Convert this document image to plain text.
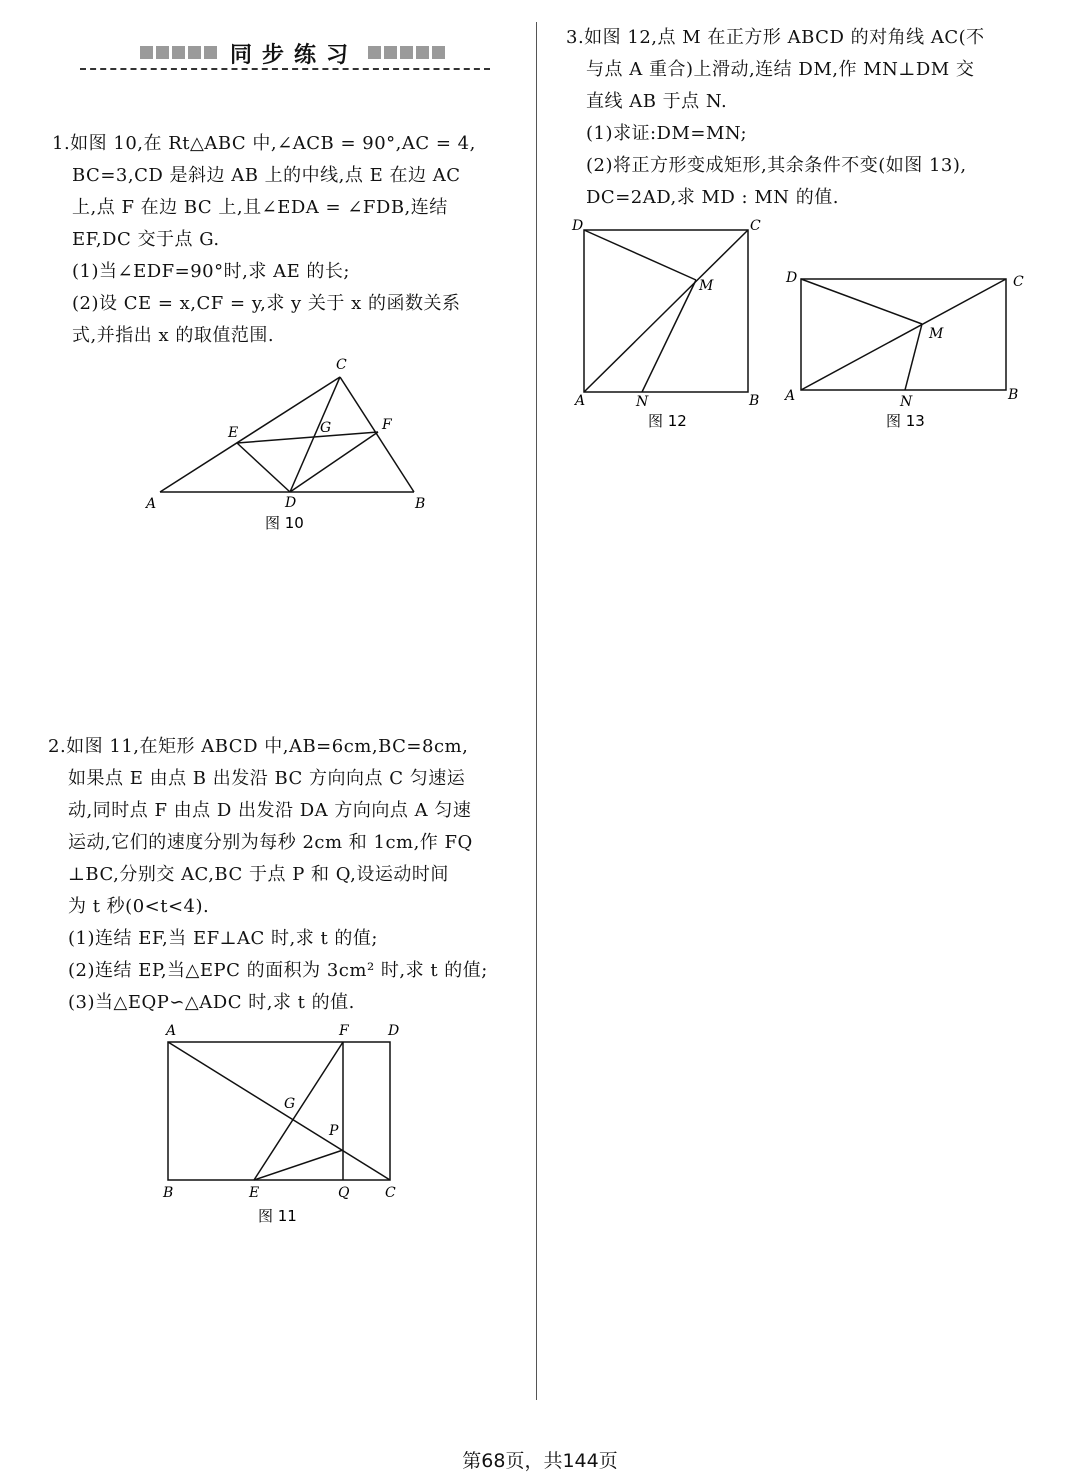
同步练习

1.如图 10,在 Rt△ABC 中,∠ACB = 90°,AC = 4,

BC=3,CD 是斜边 AB 上的中线,点 E 在边 AC

上,点 F 在边 BC 上,且∠EDA = ∠FDB,连结

EF,DC 交于点 G.

(1)当∠EDF=90°时,求 AE 的长;

(2)设 CE = x,CF = y,求 y 关于 x 的函数关系

式,并指出 x 的取值范围.

A	B
C
D
E	F
G
图 10

2.如图 11,在矩形 ABCD 中,AB=6cm,BC=8cm,

如果点 E 由点 B 出发沿 BC 方向向点 C 匀速运

动,同时点 F 由点 D 出发沿 DA 方向向点 A 匀速

运动,它们的速度分别为每秒 2cm 和 1cm,作 FQ

⊥BC,分别交 AC,BC 于点 P 和 Q,设运动时间

为 t 秒(0<t<4).

(1)连结 EF,当 EF⊥AC 时,求 t 的值;

(2)连结 EP,当△EPC 的面积为 3cm² 时,求 t 的值;

(3)当△EQP∽△ADC 时,求 t 的值.

A	F	D
G
P
B	E	Q	C
图 11

3.如图 12,点 M 在正方形 ABCD 的对角线 AC(不

与点 A 重合)上滑动,连结 DM,作 MN⊥DM 交

直线 AB 于点 N.

(1)求证:DM=MN;

(2)将正方形变成矩形,其余条件不变(如图 13),

DC=2AD,求 MD : MN 的值.

D	C
M
A	N	B
图 12
D	C
M
A	N	B
图 13
第68页，共144页
